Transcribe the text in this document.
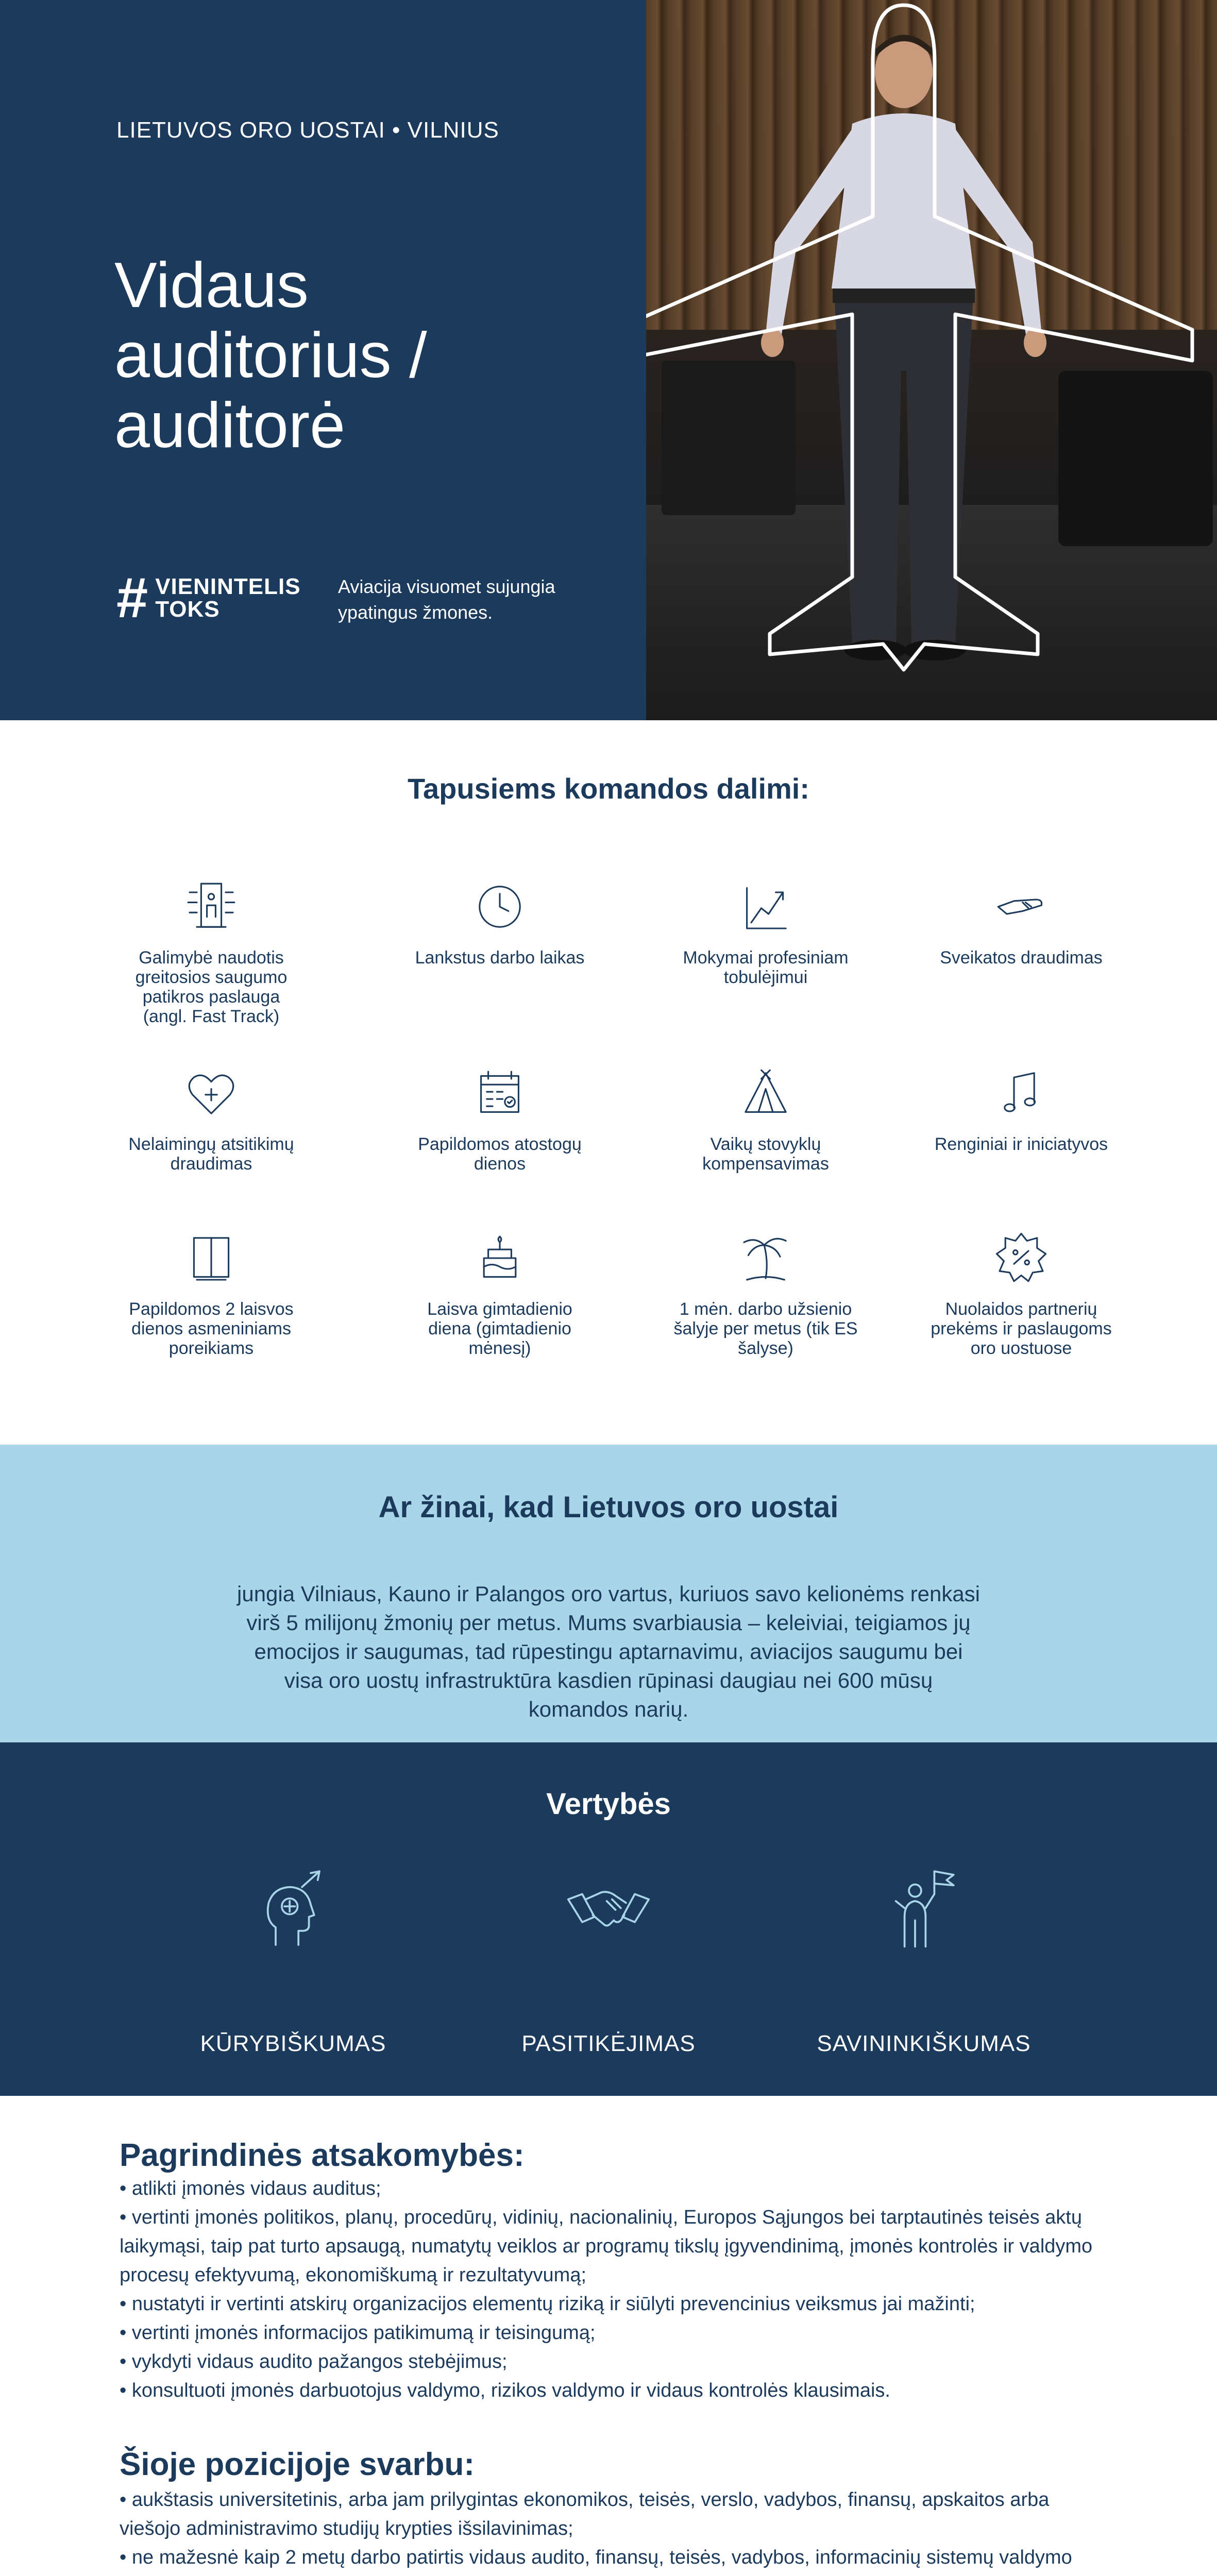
LIETUVOS ORO UOSTAI • VILNIUS
Vidaus
auditorius /
auditorė
# VIENINTELIS
TOKS
Aviacija visuomet sujungia ypatingus žmones.
Tapusiems komandos dalimi:
Galimybė naudotis greitosios saugumo patikros paslauga (angl. Fast Track)
Lankstus darbo laikas	Mokymai profesiniam tobulėjimui
Sveikatos draudimas
Nelaimingų atsitikimų draudimas
Papildomos atostogų dienos
Vaikų stovyklų kompensavimas
Renginiai ir iniciatyvos
Papildomos 2 laisvos dienos asmeniniams poreikiams
Laisva gimtadienio diena (gimtadienio mėnesį)
1 mėn. darbo užsienio šalyje per metus (tik ES šalyse)
Nuolaidos partnerių prekėms ir paslaugoms oro uostuose
Ar žinai, kad Lietuvos oro uostai

jungia Vilniaus, Kauno ir Palangos oro vartus, kuriuos savo kelionėms renkasi virš 5 milijonų žmonių per metus. Mums svarbiausia – keleiviai, teigiamos jų emocijos ir saugumas, tad rūpestingu aptarnavimu, aviacijos saugumu bei visa oro uostų infrastruktūra kasdien rūpinasi daugiau nei 600 mūsų komandos narių.

Vertybės
KŪRYBIŠKUMAS	PASITIKĖJIMAS	SAVININKIŠKUMAS
Pagrindinės atsakomybės:
• atlikti įmonės vidaus auditus;
• vertinti įmonės politikos, planų, procedūrų, vidinių, nacionalinių, Europos Sąjungos bei tarptautinės teisės aktų laikymąsi, taip pat turto apsaugą, numatytų veiklos ar programų tikslų įgyvendinimą, įmonės kontrolės ir valdymo procesų efektyvumą, ekonomiškumą ir rezultatyvumą;
• nustatyti ir vertinti atskirų organizacijos elementų riziką ir siūlyti prevencinius veiksmus jai mažinti;
• vertinti įmonės informacijos patikimumą ir teisingumą;
• vykdyti vidaus audito pažangos stebėjimus;
• konsultuoti įmonės darbuotojus valdymo, rizikos valdymo ir vidaus kontrolės klausimais.
Šioje pozicijoje svarbu:
• aukštasis universitetinis, arba jam prilygintas ekonomikos, teisės, verslo, vadybos, finansų, apskaitos arba viešojo administravimo studijų krypties išsilavinimas;
• ne mažesnė kaip 2 metų darbo patirtis vidaus audito, finansų, teisės, vadybos, informacinių sistemų valdymo
